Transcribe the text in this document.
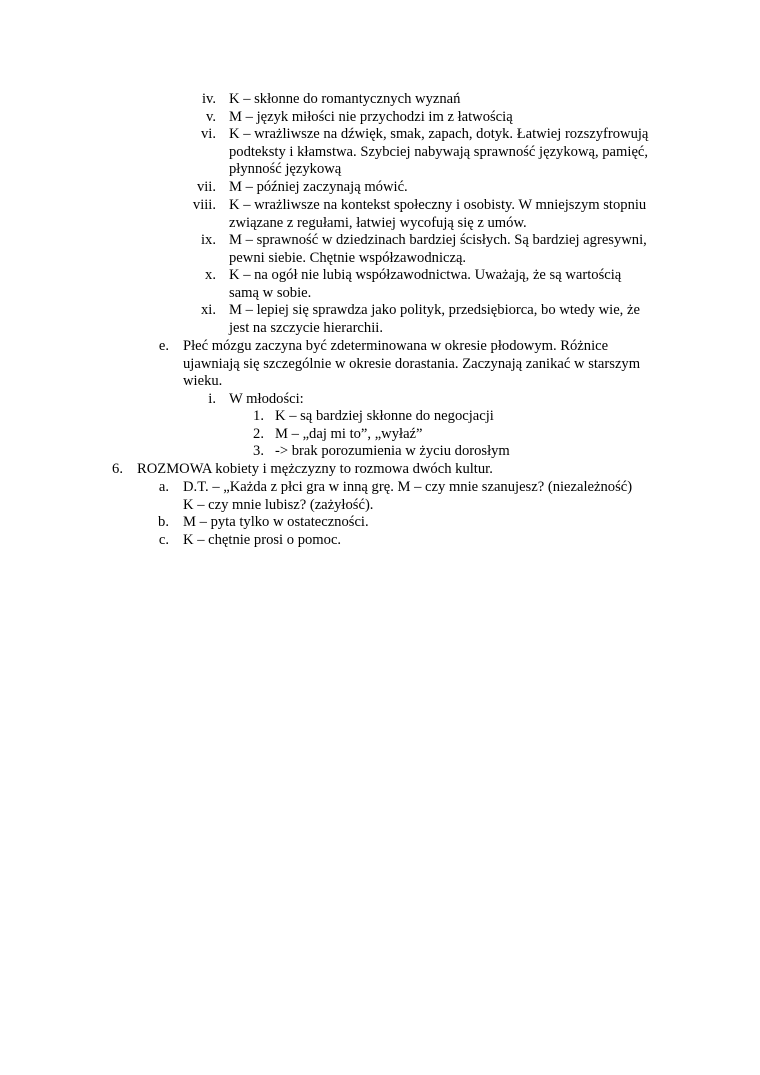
iv. K – skłonne do romantycznych wyznań
v. M – język miłości nie przychodzi im z łatwością
vi. K – wrażliwsze na dźwięk, smak, zapach, dotyk. Łatwiej rozszyfrowują
podteksty i kłamstwa. Szybciej nabywają sprawność językową, pamięć,
płynność językową
vii. M – później zaczynają mówić.
viii. K – wrażliwsze na kontekst społeczny i osobisty. W mniejszym stopniu
związane z regułami, łatwiej wycofują się z umów.
ix. M – sprawność w dziedzinach bardziej ścisłych. Są bardziej agresywni,
pewni siebie. Chętnie współzawodniczą.
x. K – na ogół nie lubią współzawodnictwa. Uważają, że są wartością
samą w sobie.
xi. M – lepiej się sprawdza jako polityk, przedsiębiorca, bo wtedy wie, że
jest na szczycie hierarchii.
e. Płeć mózgu zaczyna być zdeterminowana w okresie płodowym. Różnice
ujawniają się szczególnie w okresie dorastania. Zaczynają zanikać w starszym
wieku.
i. W młodości:
1. K – są bardziej skłonne do negocjacji
2. M – „daj mi to”, „wyłaź”
3. -> brak porozumienia w życiu dorosłym
6. ROZMOWA kobiety i mężczyzny to rozmowa dwóch kultur.
a. D.T. – „Każda z płci gra w inną grę. M – czy mnie szanujesz? (niezależność)
K – czy mnie lubisz? (zażyłość).
b. M – pyta tylko w ostateczności.
c. K – chętnie prosi o pomoc.
